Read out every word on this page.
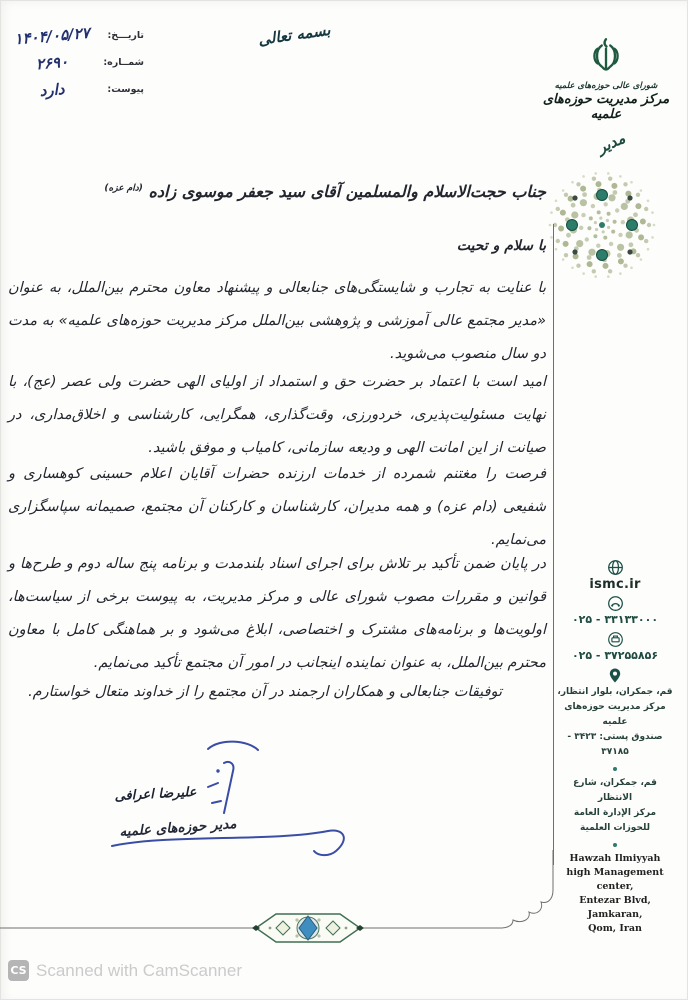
تاریـــخ:
۱۴۰۴/۰۵/۲۷
شمــاره:
۲۶۹۰
پیوست:
دارد
بسمه تعالی
شورای عالی حوزه‌های علمیه
مرکز مدیریت حوزه‌های علمیه
مدیر
جناب حجت‌الاسلام والمسلمین آقای سید جعفر موسوی زاده $^{(دام عزه)}$
با سلام و تحیت
با عنایت به تجارب و شایستگی‌های جنابعالی و پیشنهاد معاون محترم بین‌الملل، به عنوان «مدیر مجتمع عالی آموزشی و پژوهشی بین‌الملل مرکز مدیریت حوزه‌های علمیه» به مدت دو سال منصوب می‌شوید.
امید است با اعتماد بر حضرت حق و استمداد از اولیای الهی حضرت ولی عصر (عج)، با نهایت مسئولیت‌پذیری، خردورزی، وقت‌گذاری، همگرایی، کارشناسی و اخلاق‌مداری، در صیانت از این امانت الهی و ودیعه سازمانی، کامیاب و موفق باشید.
فرصت را مغتنم شمرده از خدمات ارزنده حضرات آقایان اعلام حسینی کوهساری و شفیعی (دام عزه) و همه مدیران، کارشناسان و کارکنان آن مجتمع، صمیمانه سپاسگزاری می‌نمایم.
در پایان ضمن تأکید بر تلاش برای اجرای اسناد بلندمدت و برنامه پنج ساله دوم و طرح‌ها و قوانین و مقررات مصوب شورای عالی و مرکز مدیریت، به پیوست برخی از سیاست‌ها، اولویت‌ها و برنامه‌های مشترک و اختصاصی، ابلاغ می‌شود و بر هماهنگی کامل با معاون محترم بین‌الملل، به عنوان نماینده اینجانب در امور آن مجتمع تأکید می‌نمایم.
توفیقات جنابعالی و همکاران ارجمند در آن مجتمع را از خداوند متعال خواستارم.
علیرضا اعرافی
مدیر حوزه‌های علمیه
ismc.ir
۰۲۵ - ۳۳۱۳۳۰۰۰
۰۲۵ - ۳۷۲۵۵۸۵۶
قم، جمکران، بلوار انتظار،
مرکز مدیریت حوزه‌های علمیه
صندوق پستی: ۳۴۲۳ - ۳۷۱۸۵
قم، جمکران، شارع الانتظار
مرکز الإدارة العامة
للحوزات العلمیة
Hawzah Ilmiyyah
high Management center,
Entezar Blvd, Jamkaran,
Qom, Iran
CS Scanned with CamScanner
